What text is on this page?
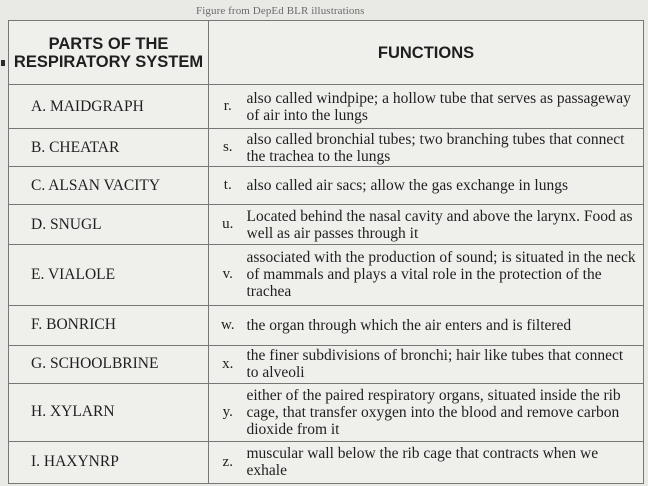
Figure from DepEd BLR illustrations
PARTS OF THE RESPIRATORY SYSTEM	FUNCTIONS	
A. MAIDGRAPH	r.	also called windpipe; a hollow tube that serves as passageway of air into the lungs
B. CHEATAR	s.	also called bronchial tubes; two branching tubes that connect the trachea to the lungs
C. ALSAN VACITY	t.	also called air sacs; allow the gas exchange in lungs
D. SNUGL	u.	Located behind the nasal cavity and above the larynx. Food as well as air passes through it
E. VIALOLE	v.	associated with the production of sound; is situated in the neck of mammals and plays a vital role in the protection of the trachea
F. BONRICH	w.	the organ through which the air enters and is filtered
G. SCHOOLBRINE	x.	the finer subdivisions of bronchi; hair like tubes that connect to alveoli
H. XYLARN	y.	either of the paired respiratory organs, situated inside the rib cage, that transfer oxygen into the blood and remove carbon dioxide from it
I. HAXYNRP	z.	muscular wall below the rib cage that contracts when we exhale
